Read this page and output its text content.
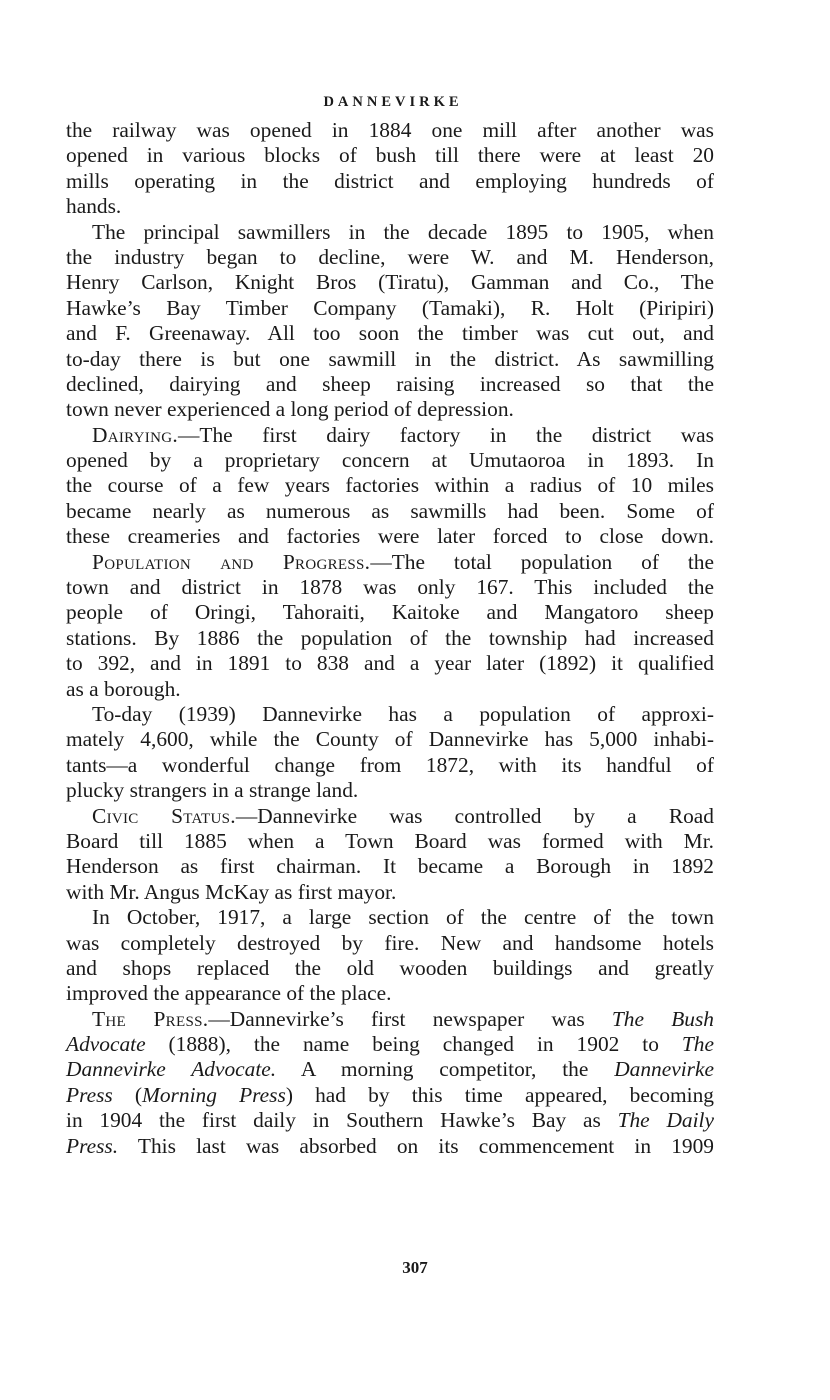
DANNEVIRKE

the railway was opened in 1884 one mill after another was
opened in various blocks of bush till there were at least 20
mills operating in the district and employing hundreds of
hands.

The principal sawmillers in the decade 1895 to 1905, when
the industry began to decline, were W. and M. Henderson,
Henry Carlson, Knight Bros (Tiratu), Gamman and Co., The
Hawke’s Bay Timber Company (Tamaki), R. Holt (Piripiri)
and F. Greenaway. All too soon the timber was cut out, and
to-day there is but one sawmill in the district. As sawmilling
declined, dairying and sheep raising increased so that the
town never experienced a long period of depression.

Dairying.—The first dairy factory in the district was
opened by a proprietary concern at Umutaoroa in 1893. In
the course of a few years factories within a radius of 10 miles
became nearly as numerous as sawmills had been. Some of
these creameries and factories were later forced to close down.

Population and Progress.—The total population of the
town and district in 1878 was only 167. This included the
people of Oringi, Tahoraiti, Kaitoke and Mangatoro sheep
stations. By 1886 the population of the township had increased
to 392, and in 1891 to 838 and a year later (1892) it qualified
as a borough.

To-day (1939) Dannevirke has a population of approxi-
mately 4,600, while the County of Dannevirke has 5,000 inhabi-
tants—a wonderful change from 1872, with its handful of
plucky strangers in a strange land.

Civic Status.—Dannevirke was controlled by a Road
Board till 1885 when a Town Board was formed with Mr.
Henderson as first chairman. It became a Borough in 1892
with Mr. Angus McKay as first mayor.

In October, 1917, a large section of the centre of the town
was completely destroyed by fire. New and handsome hotels
and shops replaced the old wooden buildings and greatly
improved the appearance of the place.

The Press.—Dannevirke’s first newspaper was The Bush
Advocate (1888), the name being changed in 1902 to The
Dannevirke Advocate. A morning competitor, the Dannevirke
Press (Morning Press) had by this time appeared, becoming
in 1904 the first daily in Southern Hawke’s Bay as The Daily
Press. This last was absorbed on its commencement in 1909

307
